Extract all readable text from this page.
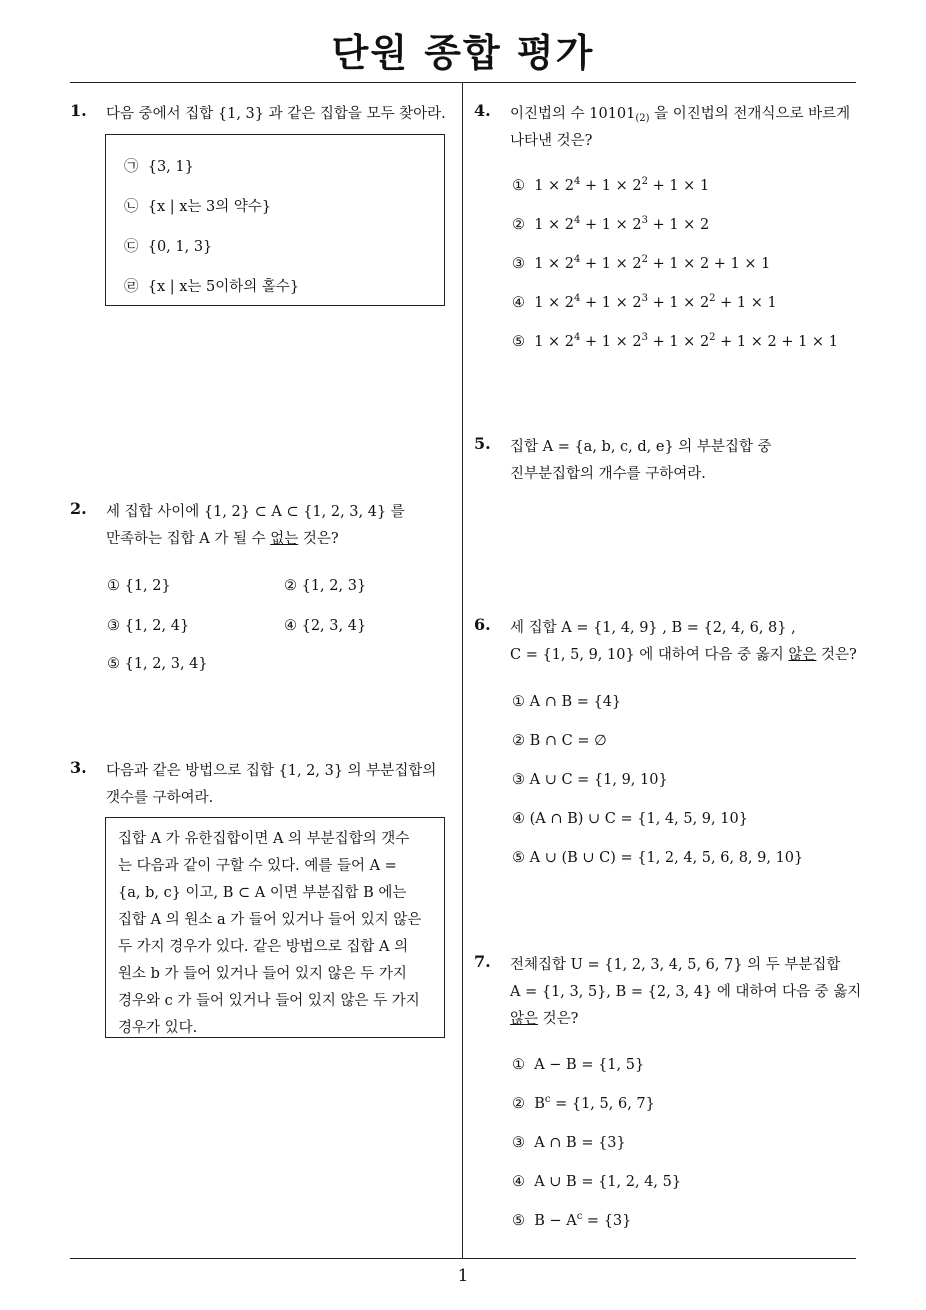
단원 종합 평가
1
1. 다음 중에서 집합 {1, 3} 과 같은 집합을 모두 찾아라.
㉠ {3, 1}
㉡ {x | x는 3의 약수}
㉢ {0, 1, 3}
㉣ {x | x는 5이하의 홀수}
2. 세 집합 사이에 {1, 2} ⊂ A ⊂ {1, 2, 3, 4} 를
만족하는 집합 A 가 될 수 없는 것은?
① {1, 2}	② {1, 2, 3}
③ {1, 2, 4}	④ {2, 3, 4}
⑤ {1, 2, 3, 4}
3. 다음과 같은 방법으로 집합 {1, 2, 3} 의 부분집합의
갯수를 구하여라.
집합 A 가 유한집합이면 A 의 부분집합의 갯수
는 다음과 같이 구할 수 있다. 예를 들어 A =
{a, b, c} 이고, B ⊂ A 이면 부분집합 B 에는
집합 A 의 원소 a 가 들어 있거나 들어 있지 않은
두 가지 경우가 있다. 같은 방법으로 집합 A 의
원소 b 가 들어 있거나 들어 있지 않은 두 가지
경우와 c 가 들어 있거나 들어 있지 않은 두 가지
경우가 있다.
4. 이진법의 수 $10101_{(2)}$ 을 이진법의 전개식으로 바르게
나타낸 것은?
① $1 \times 2^4 + 1 \times 2^2 + 1 \times 1$
② $1 \times 2^4 + 1 \times 2^3 + 1 \times 2$
③ $1 \times 2^4 + 1 \times 2^2 + 1 \times 2 + 1 \times 1$
④ $1 \times 2^4 + 1 \times 2^3 + 1 \times 2^2 + 1 \times 1$
⑤ $1 \times 2^4 + 1 \times 2^3 + 1 \times 2^2 + 1 \times 2 + 1 \times 1$
5. 집합 A = {a, b, c, d, e} 의 부분집합 중
진부분집합의 개수를 구하여라.
6. 세 집합 A = {1, 4, 9} , B = {2, 4, 6, 8} ,
C = {1, 5, 9, 10} 에 대하여 다음 중 옳지 않은 것은?
① A ∩ B = {4}
② B ∩ C = ∅
③ A ∪ C = {1, 9, 10}
④ (A ∩ B) ∪ C = {1, 4, 5, 9, 10}
⑤ A ∪ (B ∪ C) = {1, 2, 4, 5, 6, 8, 9, 10}
7. 전체집합 U = {1, 2, 3, 4, 5, 6, 7} 의 두 부분집합
A = {1, 3, 5}, B = {2, 3, 4} 에 대하여 다음 중 옳지
않은 것은?
① A − B = {1, 5}
② $B^c = \{1$, 5, 6, 7}
③ A ∩ B = {3}
④ A ∪ B = {1, 2, 4, 5}
⑤ $B - A^c = \{3\}$
